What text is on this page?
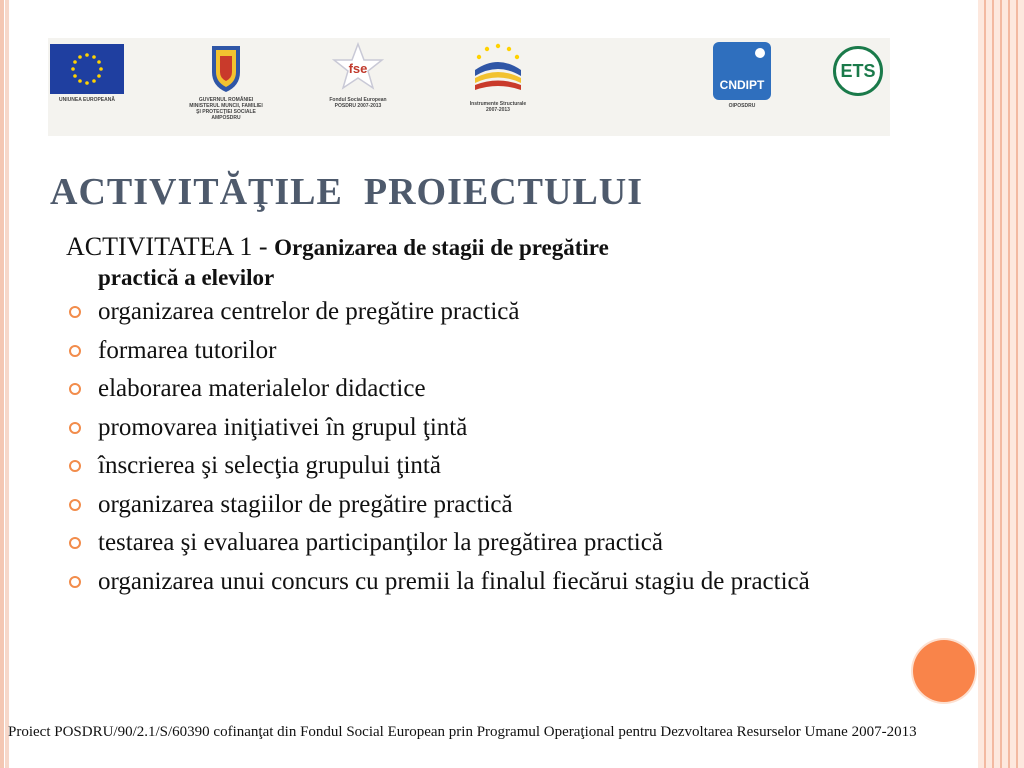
UNIUNEA EUROPEANĂ	GUVERNUL ROMÂNIEI
MINISTERUL MUNCII, FAMILIEI
ŞI PROTECŢIEI SOCIALE
AMPOSDRU
fse
Fondul Social European
POSDRU 2007-2013	Instrumente Structurale
2007-2013
CNDIPT
OIPOSDRU
ETS
ACTIVITĂŢILE  PROIECTULUI
ACTIVITATEA 1 - Organizarea de stagii de pregătire
practică a elevilor
organizarea centrelor de pregătire practică
formarea tutorilor
elaborarea materialelor didactice
promovarea iniţiativei în grupul ţintă
înscrierea şi selecţia grupului ţintă
organizarea stagiilor de pregătire practică
testarea şi evaluarea participanţilor la pregătirea practică
organizarea unui concurs cu premii la finalul fiecărui stagiu de practică
Proiect POSDRU/90/2.1/S/60390 cofinanţat din Fondul Social European prin Programul Operaţional pentru Dezvoltarea Resurselor Umane 2007-2013
